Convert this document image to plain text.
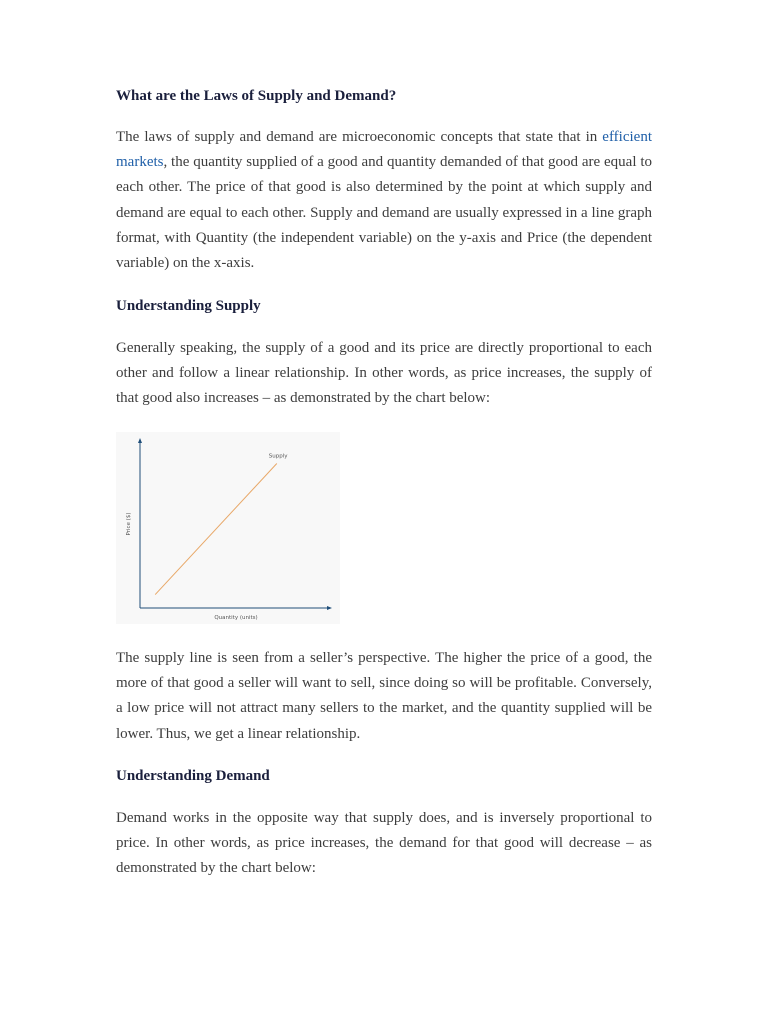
What are the Laws of Supply and Demand?

The laws of supply and demand are microeconomic concepts that state that in efficient markets, the quantity supplied of a good and quantity demanded of that good are equal to each other. The price of that good is also determined by the point at which supply and demand are equal to each other. Supply and demand are usually expressed in a line graph format, with Quantity (the independent variable) on the y-axis and Price (the dependent variable) on the x-axis.

Understanding Supply

Generally speaking, the supply of a good and its price are directly proportional to each other and follow a linear relationship. In other words, as price increases, the supply of that good also increases – as demonstrated by the chart below:

Supply
Quantity (units)
Price ($)

The supply line is seen from a seller’s perspective. The higher the price of a good, the more of that good a seller will want to sell, since doing so will be profitable. Conversely, a low price will not attract many sellers to the market, and the quantity supplied will be lower. Thus, we get a linear relationship.

Understanding Demand

Demand works in the opposite way that supply does, and is inversely proportional to price. In other words, as price increases, the demand for that good will decrease – as demonstrated by the chart below:
